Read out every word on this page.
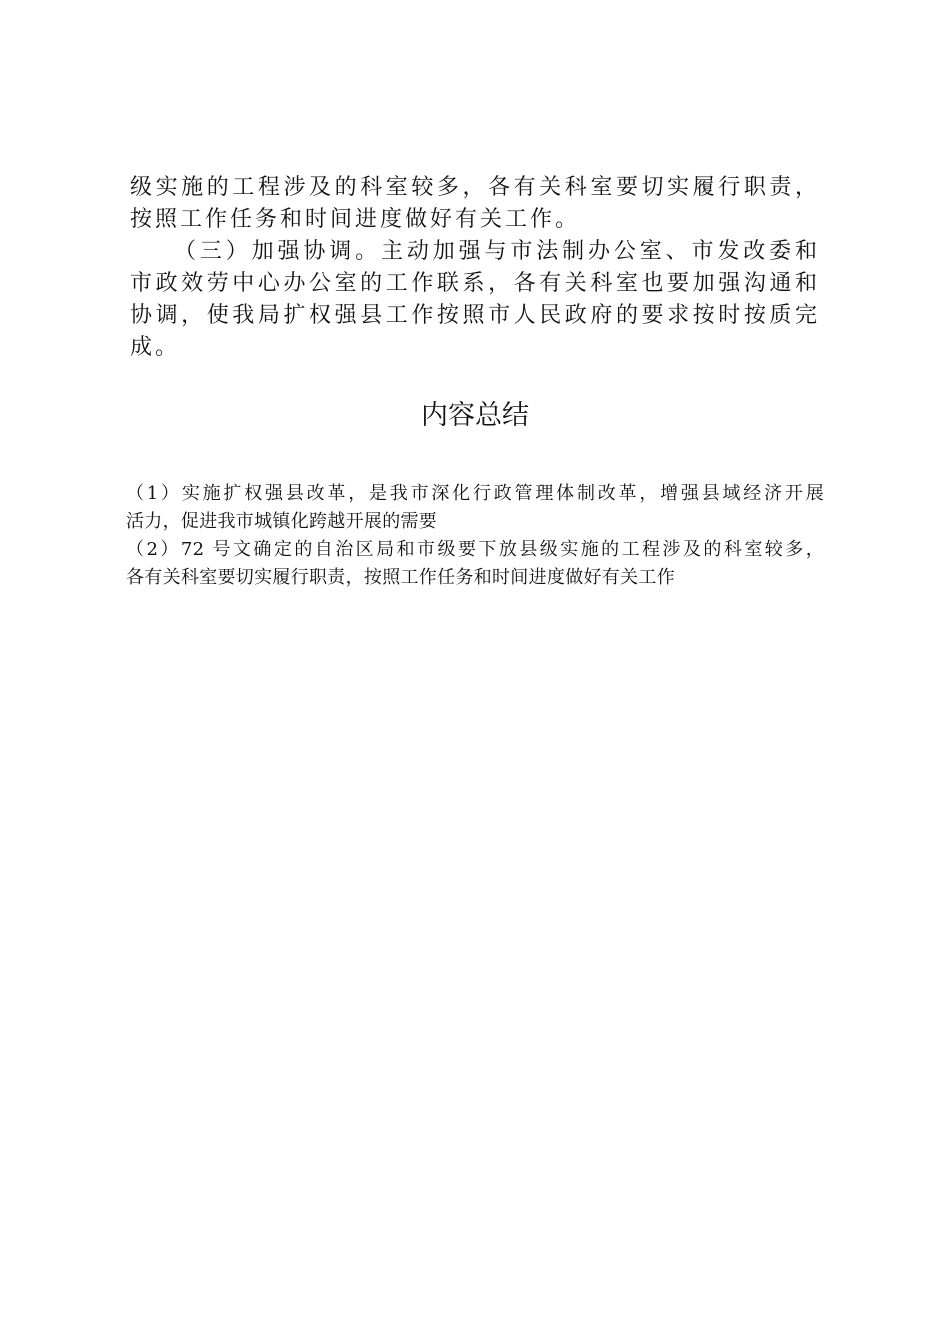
级实施的工程涉及的科室较多，各有关科室要切实履行职责，
按照工作任务和时间进度做好有关工作。
（三）加强协调。主动加强与市法制办公室、市发改委和
市政效劳中心办公室的工作联系，各有关科室也要加强沟通和
协调，使我局扩权强县工作按照市人民政府的要求按时按质完
成。
内容总结
（1）实施扩权强县改革，是我市深化行政管理体制改革，增强县域经济开展
活力，促进我市城镇化跨越开展的需要
（2）72 号文确定的自治区局和市级要下放县级实施的工程涉及的科室较多，
各有关科室要切实履行职责，按照工作任务和时间进度做好有关工作
